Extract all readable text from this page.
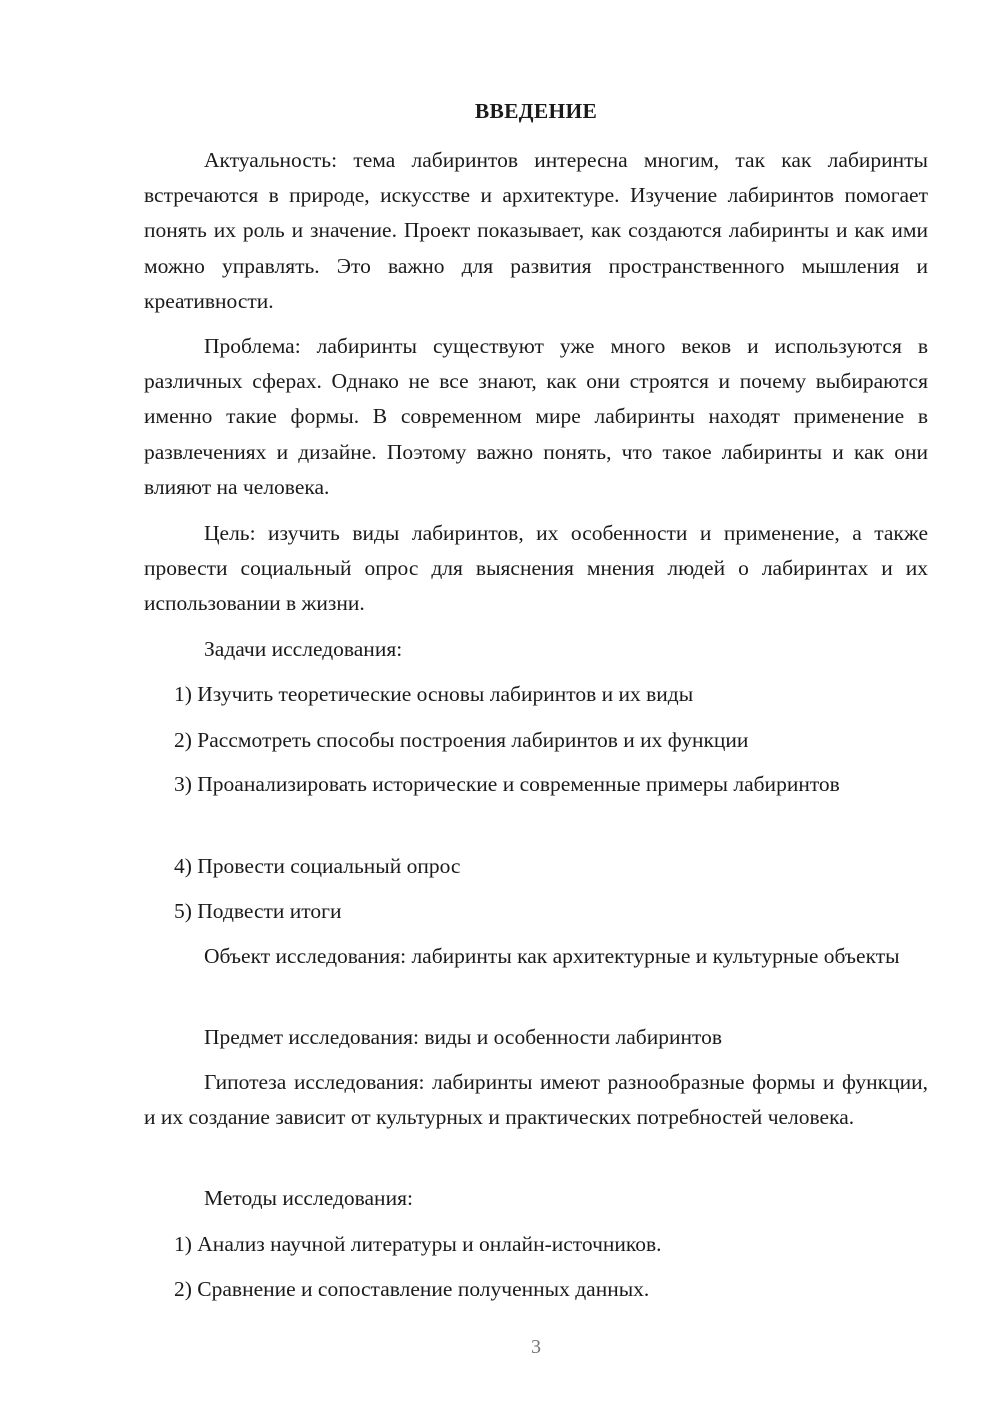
ВВЕДЕНИЕ

Актуальность: тема лабиринтов интересна многим, так как лабиринты встречаются в природе, искусстве и архитектуре. Изучение лабиринтов помогает понять их роль и значение. Проект показывает, как создаются лабиринты и как ими можно управлять. Это важно для развития пространственного мышления и креативности.

Проблема: лабиринты существуют уже много веков и используются в различных сферах. Однако не все знают, как они строятся и почему выбираются именно такие формы. В современном мире лабиринты находят применение в развлечениях и дизайне. Поэтому важно понять, что такое лабиринты и как они влияют на человека.

Цель: изучить виды лабиринтов, их особенности и применение, а также провести социальный опрос для выяснения мнения людей о лабиринтах и их использовании в жизни.

Задачи исследования:
1) Изучить теоретические основы лабиринтов и их виды
2) Рассмотреть способы построения лабиринтов и их функции

3) Проанализировать исторические и современные примеры лабиринтов

4) Провести социальный опрос
5) Подвести итоги

Объект исследования: лабиринты как архитектурные и культурные объекты

Предмет исследования: виды и особенности лабиринтов

Гипотеза исследования: лабиринты имеют разнообразные формы и функции, и их создание зависит от культурных и практических потребностей человека.

Методы исследования:
1) Анализ научной литературы и онлайн-источников.
2) Сравнение и сопоставление полученных данных.
3
